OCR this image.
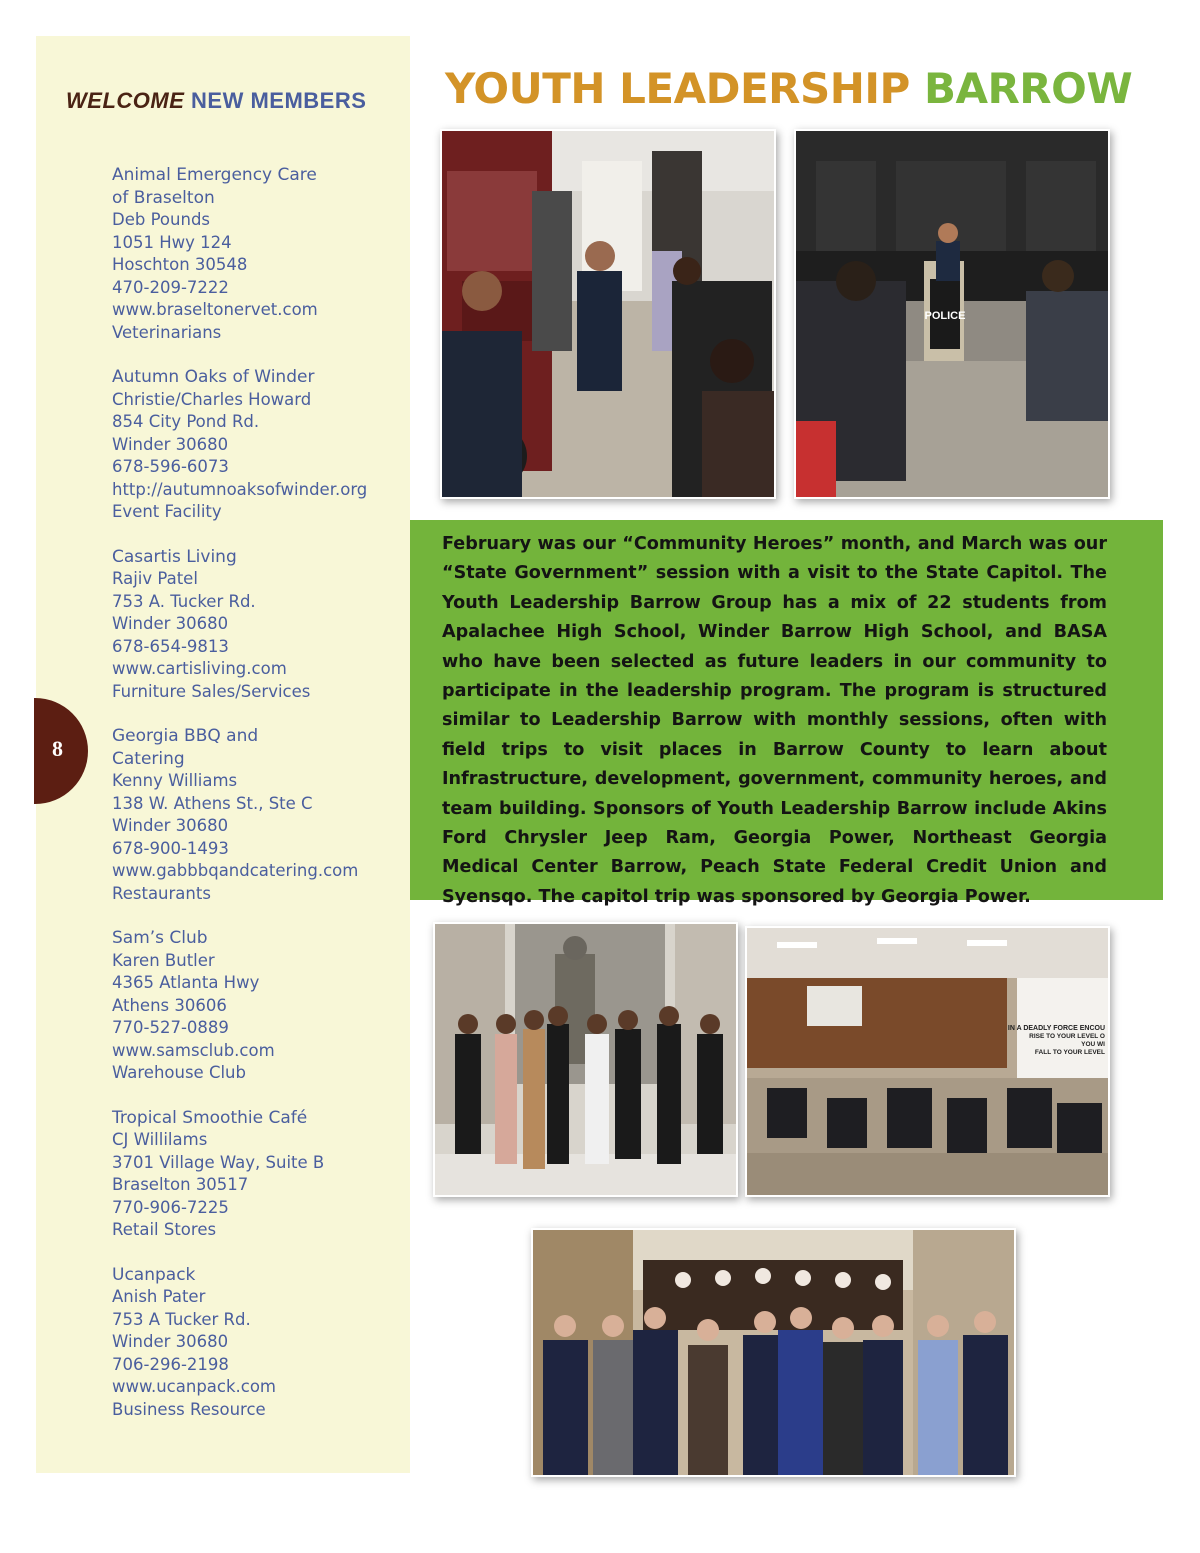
WELCOME NEW MEMBERS
Animal Emergency Care
of Braselton
Deb Pounds
1051 Hwy 124
Hoschton 30548
470-209-7222
www.braseltonervet.com
Veterinarians
Autumn Oaks of Winder
Christie/Charles Howard
854 City Pond Rd.
Winder 30680
678-596-6073
http://autumnoaksofwinder.org
Event Facility
Casartis Living
Rajiv Patel
753 A. Tucker Rd.
Winder 30680
678-654-9813
www.cartisliving.com
Furniture Sales/Services
Georgia BBQ and
Catering
Kenny Williams
138 W. Athens St., Ste C
Winder 30680
678-900-1493
www.gabbbqandcatering.com
Restaurants
Sam’s Club
Karen Butler
4365 Atlanta Hwy
Athens 30606
770-527-0889
www.samsclub.com
Warehouse Club
Tropical Smoothie Café
CJ Willilams
3701 Village Way, Suite B
Braselton 30517
770-906-7225
Retail Stores
Ucanpack
Anish Pater
753 A Tucker Rd.
Winder 30680
706-296-2198
www.ucanpack.com
Business Resource
8
YOUTH LEADERSHIP BARROW
POLICE
February was our “Community Heroes” month, and March was our “State Government” session with a visit to the State Capitol. The Youth Leadership Barrow Group has a mix of 22 students from Apalachee High School, Winder Barrow High School, and BASA who have been selected as future leaders in our community to participate in the leadership program. The program is structured similar to Leadership Barrow with monthly sessions, often with field trips to visit places in Barrow County to learn about Infrastructure, development, government, community heroes, and team building. Sponsors of Youth Leadership Barrow include Akins Ford Chrysler Jeep Ram, Georgia Power, Northeast Georgia Medical Center Barrow, Peach State Federal Credit Union and Syensqo. The capitol trip was sponsored by Georgia Power.
IN A DEADLY FORCE ENCOU
RISE TO YOUR LEVEL O
YOU WI
FALL TO YOUR LEVEL
